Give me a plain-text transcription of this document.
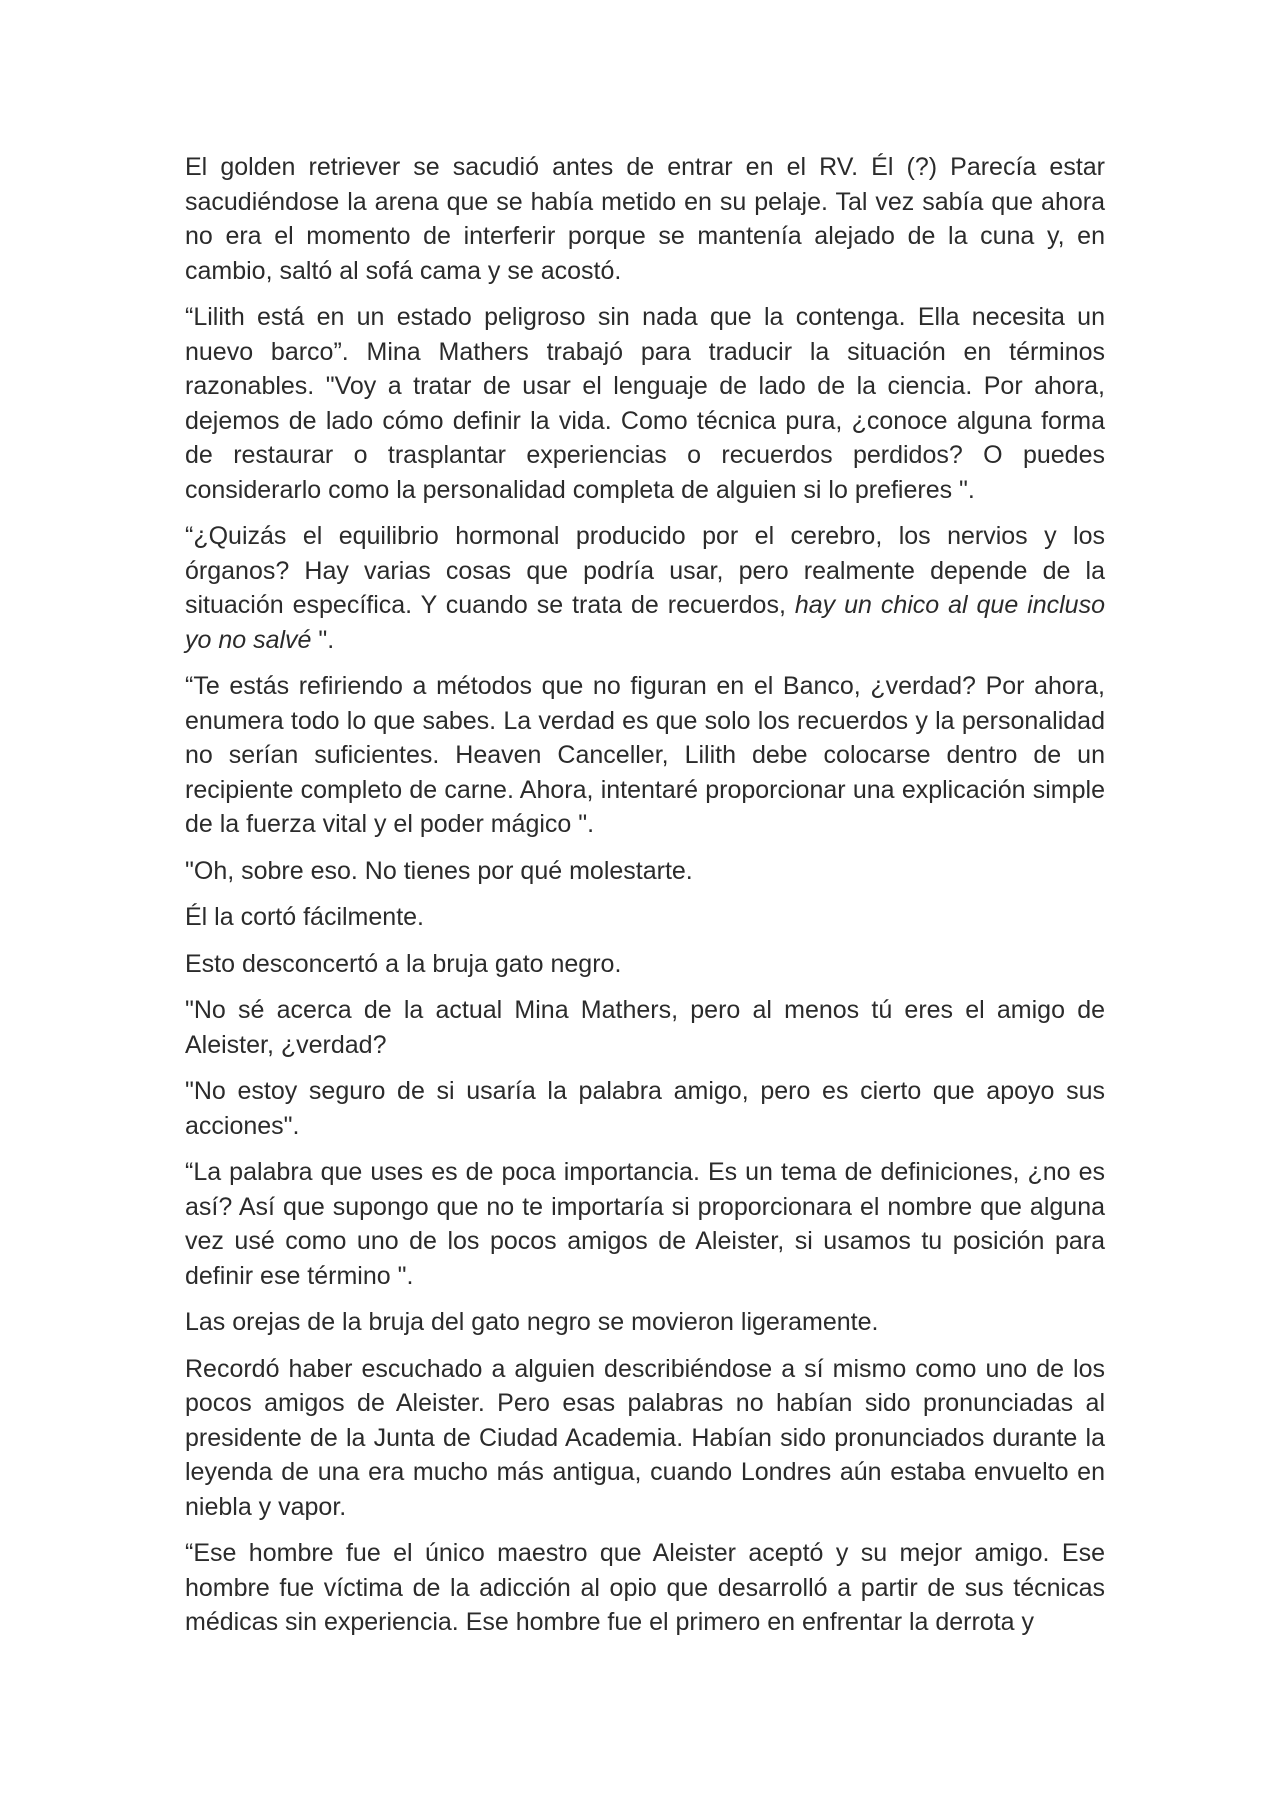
El golden retriever se sacudió antes de entrar en el RV. Él (?) Parecía estar sacudiéndose la arena que se había metido en su pelaje. Tal vez sabía que ahora no era el momento de interferir porque se mantenía alejado de la cuna y, en cambio, saltó al sofá cama y se acostó.

“Lilith está en un estado peligroso sin nada que la contenga. Ella necesita un nuevo barco”. Mina Mathers trabajó para traducir la situación en términos razonables. "Voy a tratar de usar el lenguaje de lado de la ciencia. Por ahora, dejemos de lado cómo definir la vida. Como técnica pura, ¿conoce alguna forma de restaurar o trasplantar experiencias o recuerdos perdidos? O puedes considerarlo como la personalidad completa de alguien si lo prefieres ".

“¿Quizás el equilibrio hormonal producido por el cerebro, los nervios y los órganos? Hay varias cosas que podría usar, pero realmente depende de la situación específica. Y cuando se trata de recuerdos, hay un chico al que incluso yo no salvé ".

“Te estás refiriendo a métodos que no figuran en el Banco, ¿verdad? Por ahora, enumera todo lo que sabes. La verdad es que solo los recuerdos y la personalidad no serían suficientes. Heaven Canceller, Lilith debe colocarse dentro de un recipiente completo de carne. Ahora, intentaré proporcionar una explicación simple de la fuerza vital y el poder mágico ".

"Oh, sobre eso. No tienes por qué molestarte.

Él la cortó fácilmente.

Esto desconcertó a la bruja gato negro.

"No sé acerca de la actual Mina Mathers, pero al menos tú eres el amigo de Aleister, ¿verdad?

"No estoy seguro de si usaría la palabra amigo, pero es cierto que apoyo sus acciones".

“La palabra que uses es de poca importancia. Es un tema de definiciones, ¿no es así? Así que supongo que no te importaría si proporcionara el nombre que alguna vez usé como uno de los pocos amigos de Aleister, si usamos tu posición para definir ese término ".

Las orejas de la bruja del gato negro se movieron ligeramente.

Recordó haber escuchado a alguien describiéndose a sí mismo como uno de los pocos amigos de Aleister. Pero esas palabras no habían sido pronunciadas al presidente de la Junta de Ciudad Academia. Habían sido pronunciados durante la leyenda de una era mucho más antigua, cuando Londres aún estaba envuelto en niebla y vapor.

“Ese hombre fue el único maestro que Aleister aceptó y su mejor amigo. Ese hombre fue víctima de la adicción al opio que desarrolló a partir de sus técnicas médicas sin experiencia. Ese hombre fue el primero en enfrentar la derrota y
